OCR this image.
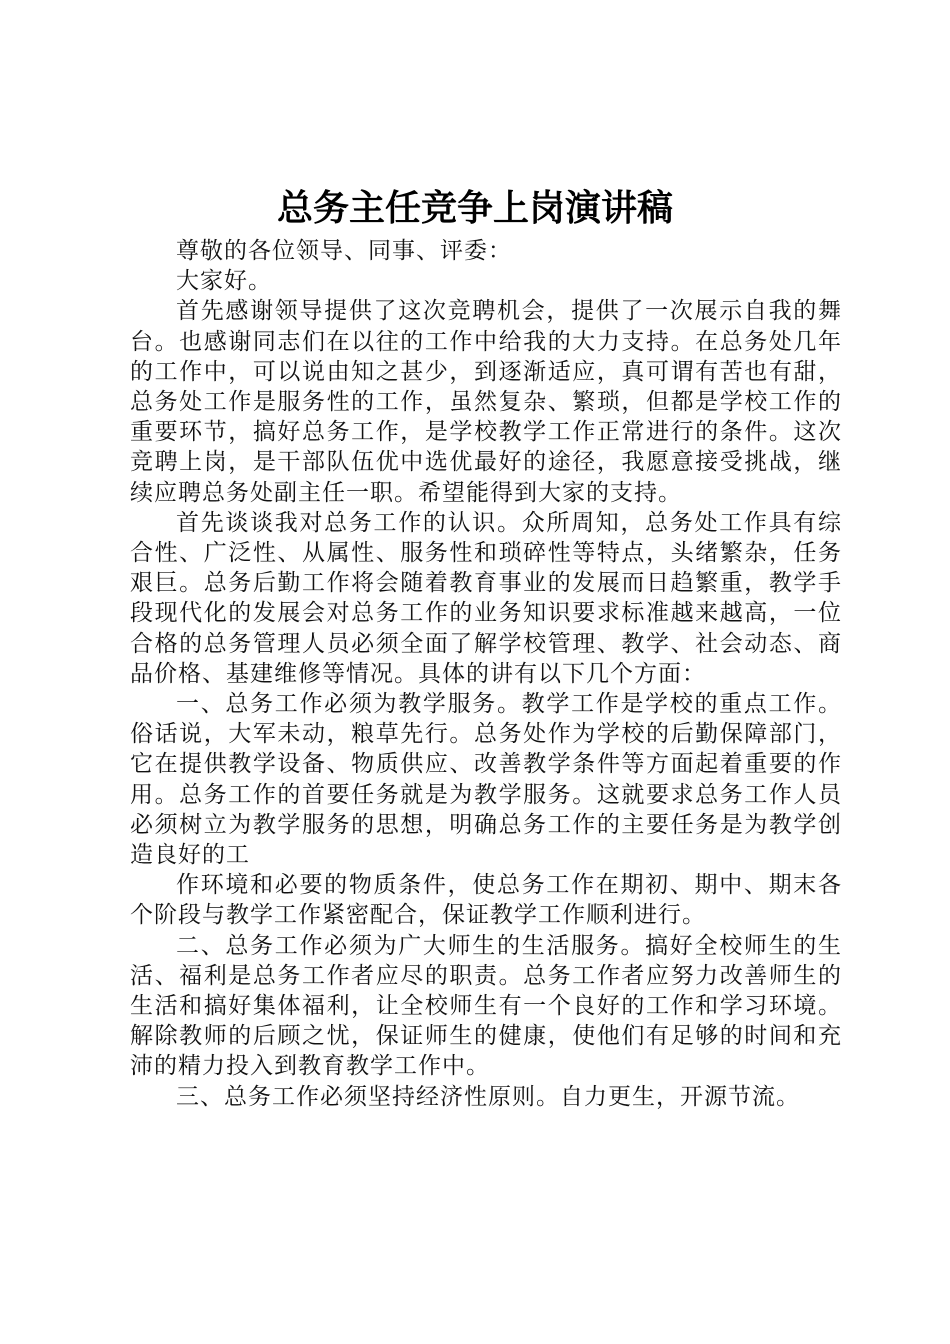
总务主任竞争上岗演讲稿

尊敬的各位领导、同事、评委：

大家好。

首先感谢领导提供了这次竞聘机会，提供了一次展示自我的舞台。也感谢同志们在以往的工作中给我的大力支持。在总务处几年的工作中，可以说由知之甚少，到逐渐适应，真可谓有苦也有甜，总务处工作是服务性的工作，虽然复杂、繁琐，但都是学校工作的重要环节，搞好总务工作，是学校教学工作正常进行的条件。这次竞聘上岗，是干部队伍优中选优最好的途径，我愿意接受挑战，继续应聘总务处副主任一职。希望能得到大家的支持。

首先谈谈我对总务工作的认识。众所周知，总务处工作具有综合性、广泛性、从属性、服务性和琐碎性等特点，头绪繁杂，任务艰巨。总务后勤工作将会随着教育事业的发展而日趋繁重，教学手段现代化的发展会对总务工作的业务知识要求标准越来越高，一位合格的总务管理人员必须全面了解学校管理、教学、社会动态、商品价格、基建维修等情况。具体的讲有以下几个方面：

一、总务工作必须为教学服务。教学工作是学校的重点工作。俗话说，大军未动，粮草先行。总务处作为学校的后勤保障部门，它在提供教学设备、物质供应、改善教学条件等方面起着重要的作用。总务工作的首要任务就是为教学服务。这就要求总务工作人员必须树立为教学服务的思想，明确总务工作的主要任务是为教学创造良好的工

作环境和必要的物质条件，使总务工作在期初、期中、期末各个阶段与教学工作紧密配合，保证教学工作顺利进行。

二、总务工作必须为广大师生的生活服务。搞好全校师生的生活、福利是总务工作者应尽的职责。总务工作者应努力改善师生的生活和搞好集体福利，让全校师生有一个良好的工作和学习环境。解除教师的后顾之忧，保证师生的健康，使他们有足够的时间和充沛的精力投入到教育教学工作中。

三、总务工作必须坚持经济性原则。自力更生，开源节流。
